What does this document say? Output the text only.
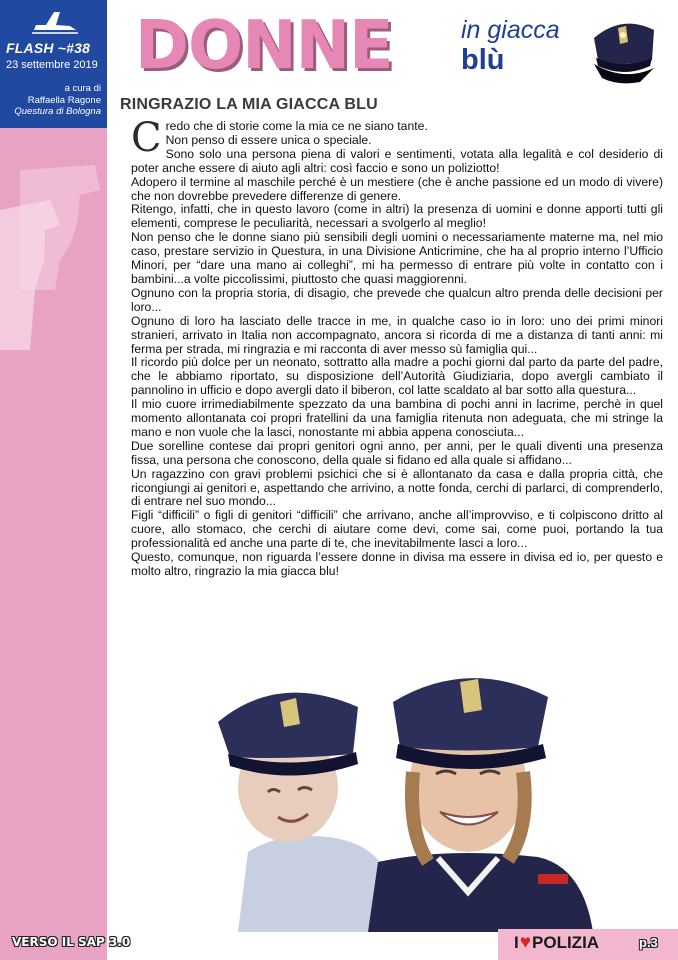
FLASH ~#38
23 settembre 2019
a cura di
Raffaella Ragone
Questura di Bologna
DONNE	in giacca
blù
RINGRAZIO LA MIA GIACCA BLU

Credo che di storie come la mia ce ne siano tante.

Non penso di essere unica o speciale.

Sono solo una persona piena di valori e sentimenti, votata alla legalità e col desiderio di poter anche essere di aiuto agli altri: così faccio e sono un poliziotto!

Adopero il termine al maschile perché è un mestiere (che è anche passione ed un modo di vivere) che non dovrebbe prevedere differenze di genere.

Ritengo, infatti, che in questo lavoro (come in altri) la presenza di uomini e donne apporti tutti gli elementi, comprese le peculiarità, necessari a svolgerlo al meglio!

Non penso che le donne siano più sensibili degli uomini o necessariamente materne ma, nel mio caso, prestare servizio in Questura, in una Divisione Anticrimine, che ha al proprio interno l’Ufficio Minori, per “dare una mano ai colleghi”, mi ha permesso di entrare più volte in contatto con i bambini...a volte piccolissimi, piuttosto che quasi maggiorenni.

Ognuno con la propria storia, di disagio, che prevede che qualcun altro prenda delle decisioni per loro...

Ognuno di loro ha lasciato delle tracce in me, in qualche caso io in loro: uno dei primi minori stranieri, arrivato in Italia non accompagnato, ancora si ricorda di me a distanza di tanti anni: mi ferma per strada, mi ringrazia e mi racconta di aver messo sù famiglia qui...

Il ricordo più dolce per un neonato, sottratto alla madre a pochi giorni dal parto da parte del padre, che le abbiamo riportato, su disposizione dell’Autorità Giudiziaria, dopo avergli cambiato il pannolino in ufficio e dopo avergli dato il biberon, col latte scaldato al bar sotto alla questura...

Il mio cuore irrimediabilmente spezzato da una bambina di pochi anni in lacrime, perchè in quel momento allontanata coi propri fratellini da una famiglia ritenuta non adeguata, che mi stringe la mano e non vuole che la lasci, nonostante mi abbia appena conosciuta...

Due sorelline contese dai propri genitori ogni anno, per anni, per le quali diventi una presenza fissa, una persona che conoscono, della quale si fidano ed alla quale si affidano...

Un ragazzino con gravi problemi psichici che si è allontanato da casa e dalla propria città, che ricongiungi ai genitori e, aspettando che arrivino, a notte fonda, cerchi di parlarci, di comprenderlo, di entrare nel suo mondo...

Figli “difficili” o figli di genitori “difficili” che arrivano, anche all’improvviso, e ti colpiscono dritto al cuore, allo stomaco, che cerchi di aiutare come devi, come sai, come puoi, portando la tua professionalità ed anche una parte di te, che inevitabilmente lasci a loro...

Questo, comunque, non riguarda l’essere donne in divisa ma essere in divisa ed io, per questo e molto altro, ringrazio la mia giacca blu!

VERSO IL SAP 3.0	I ♥ POLIZIA	p.3
